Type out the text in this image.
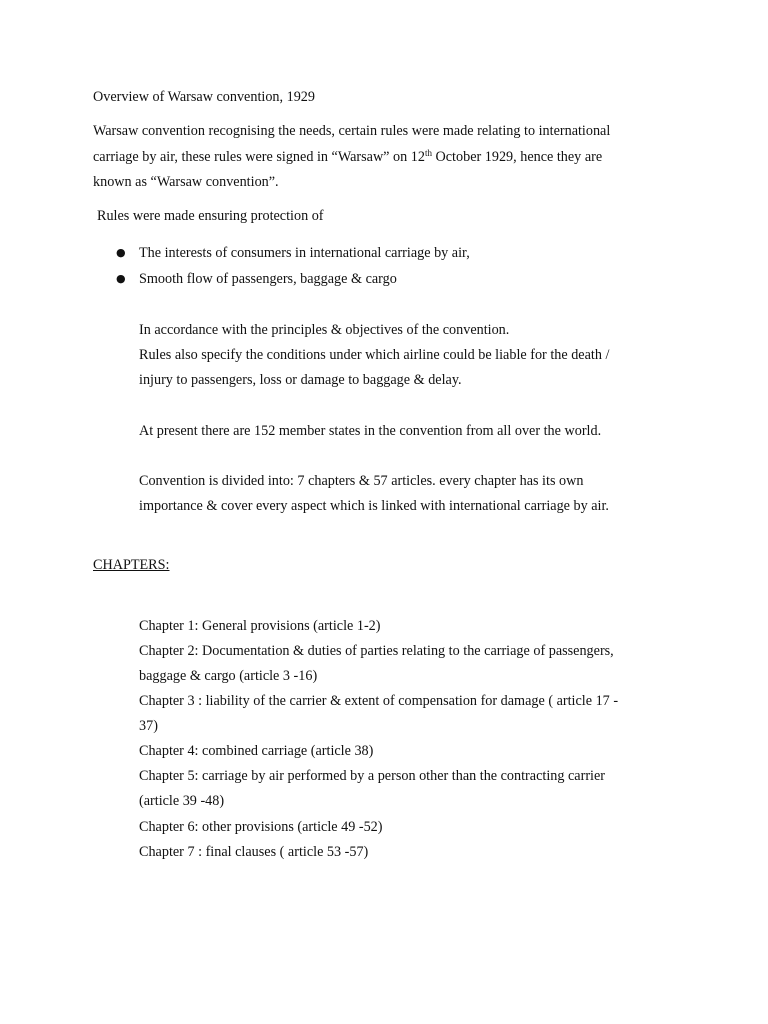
Overview of Warsaw convention, 1929
Warsaw convention recognising the needs, certain rules were made relating to international
carriage by air, these rules were signed in “Warsaw” on 12th October 1929, hence they are
known as “Warsaw convention”.
Rules were made ensuring protection of
● The interests of consumers in international carriage by air,
● Smooth flow of passengers, baggage & cargo
In accordance with the principles & objectives of the convention.
Rules also specify the conditions under which airline could be liable for the death /
injury to passengers, loss or damage to baggage & delay.
At present there are 152 member states in the convention from all over the world.
Convention is divided into: 7 chapters & 57 articles. every chapter has its own
importance & cover every aspect which is linked with international carriage by air.
CHAPTERS:
Chapter 1: General provisions (article 1-2)
Chapter 2: Documentation & duties of parties relating to the carriage of passengers,
baggage & cargo (article 3 -16)
Chapter 3 : liability of the carrier & extent of compensation for damage ( article 17 -
37)
Chapter 4: combined carriage (article 38)
Chapter 5: carriage by air performed by a person other than the contracting carrier
(article 39 -48)
Chapter 6: other provisions (article 49 -52)
Chapter 7 : final clauses ( article 53 -57)
